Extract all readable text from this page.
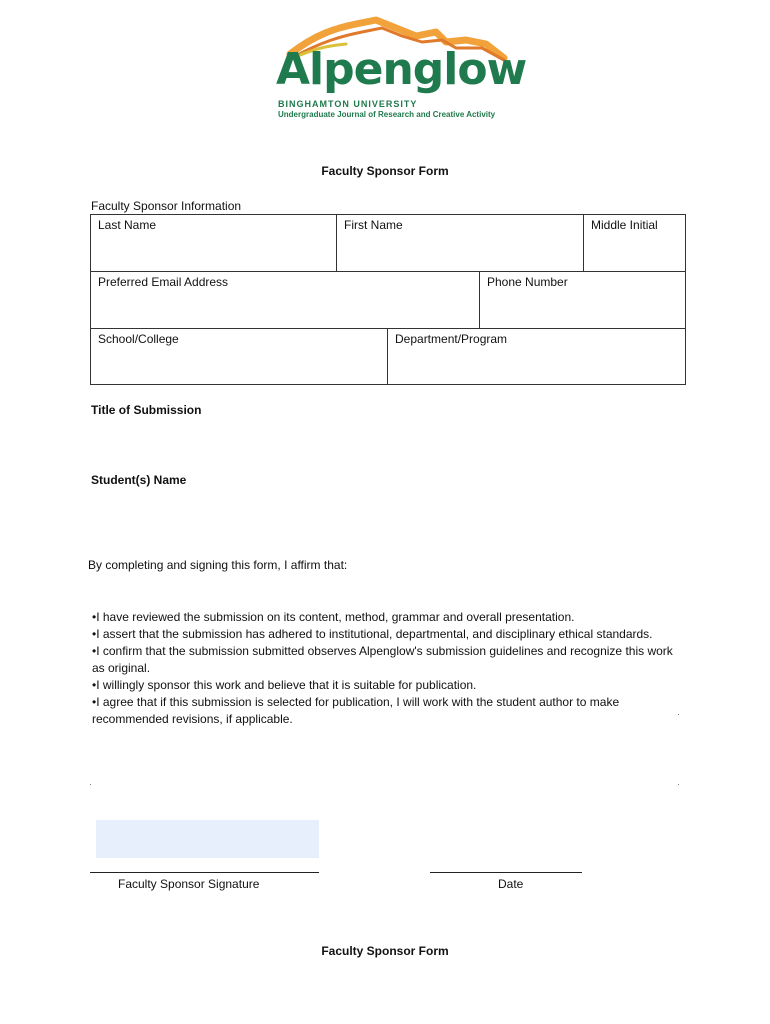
Alpenglow
BINGHAMTON UNIVERSITY
Undergraduate Journal of Research and Creative Activity
Faculty Sponsor Form
Faculty Sponsor Information
Last Name	First Name	Middle Initial
Preferred Email Address	Phone Number
School/College	Department/Program
Title of Submission
Student(s) Name
By completing and signing this form, I affirm that:
•I have reviewed the submission on its content, method, grammar and overall presentation.
•I assert that the submission has adhered to institutional, departmental, and disciplinary ethical standards.
•I confirm that the submission submitted observes Alpenglow's submission guidelines and recognize this work as original.
•I willingly sponsor this work and believe that it is suitable for publication.
•I agree that if this submission is selected for publication, I will work with the student author to make recommended revisions, if applicable.
Faculty Sponsor Signature	Date
Faculty Sponsor Form
